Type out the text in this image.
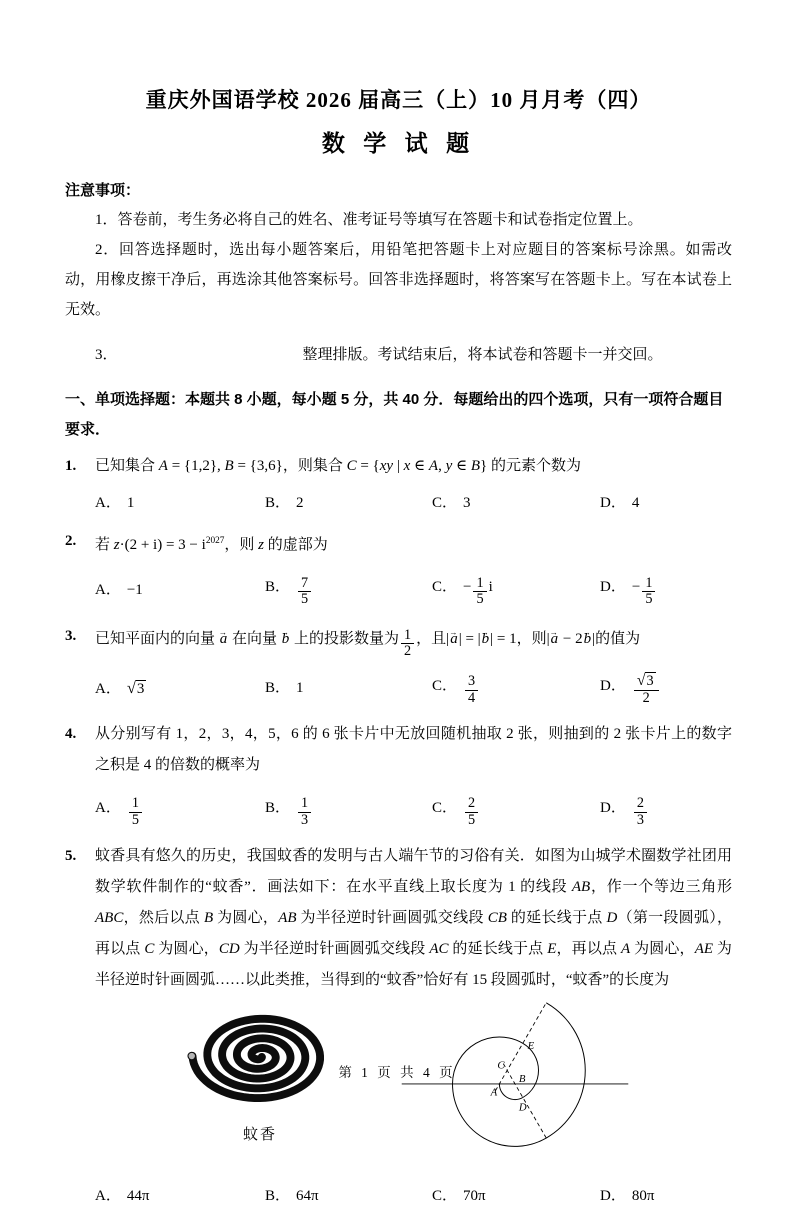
重庆外国语学校 2026 届高三（上）10 月月考（四）
数 学 试 题

注意事项：

1．答卷前，考生务必将自己的姓名、准考证号等填写在答题卡和试卷指定位置上。

2．回答选择题时，选出每小题答案后，用铅笔把答题卡上对应题目的答案标号涂黑。如需改动，用橡皮擦干净后，再选涂其他答案标号。回答非选择题时，将答案写在答题卡上。写在本试卷上无效。

3．	整理排版。考试结束后，将本试卷和答题卡一并交回。

一、单项选择题：本题共 8 小题，每小题 5 分，共 40 分．每题给出的四个选项，只有一项符合题目要求．

1.	已知集合 A = {1,2}, B = {3,6}，则集合 C = {xy | x ∈ A, y ∈ B} 的元素个数为
A． 1	B． 2	C． 3	D． 4
2.	若 $z\cdot(2 + i) = 3 - i^{2027}$，则 z 的虚部为
A． −1	B． $\frac{7}{5}$	C． − $\frac{1}{5}$ i	D． − $\frac{1}{5}$
3.	已知平面内的向量 → a 在向量 → b 上的投影数量为 $\frac{1}{2}$ ，且|→ a| = |→ b| = 1，则|→ a − 2→ b|的值为
A． √3	B． 1	C． $\frac{3}{4}$	D． $\frac{√3}{2}$
4.	从分别写有 1，2，3，4，5，6 的 6 张卡片中无放回随机抽取 2 张，则抽到的 2 张卡片上的数字之积是 4 的倍数的概率为
A． $\frac{1}{5}$	B． $\frac{1}{3}$	C． $\frac{2}{5}$	D． $\frac{2}{3}$
5.	蚊香具有悠久的历史，我国蚊香的发明与古人端午节的习俗有关．如图为山城学术圈数学社团用数学软件制作的“蚊香”．画法如下：在水平直线上取长度为 1 的线段 AB，作一个等边三角形 ABC，然后以点 B 为圆心，AB 为半径逆时针画圆弧交线段 CB 的延长线于点 D（第一段圆弧），再以点 C 为圆心，CD 为半径逆时针画圆弧交线段 AC 的延长线于点 E，再以点 A 为圆心，AE 为半径逆时针画圆弧……以此类推，当得到的“蚊香”恰好有 15 段圆弧时，“蚊香”的长度为
蚊香
A
B
C
D
E
A． 44π	B． 64π	C． 70π	D． 80π
第 1 页 共 4 页
